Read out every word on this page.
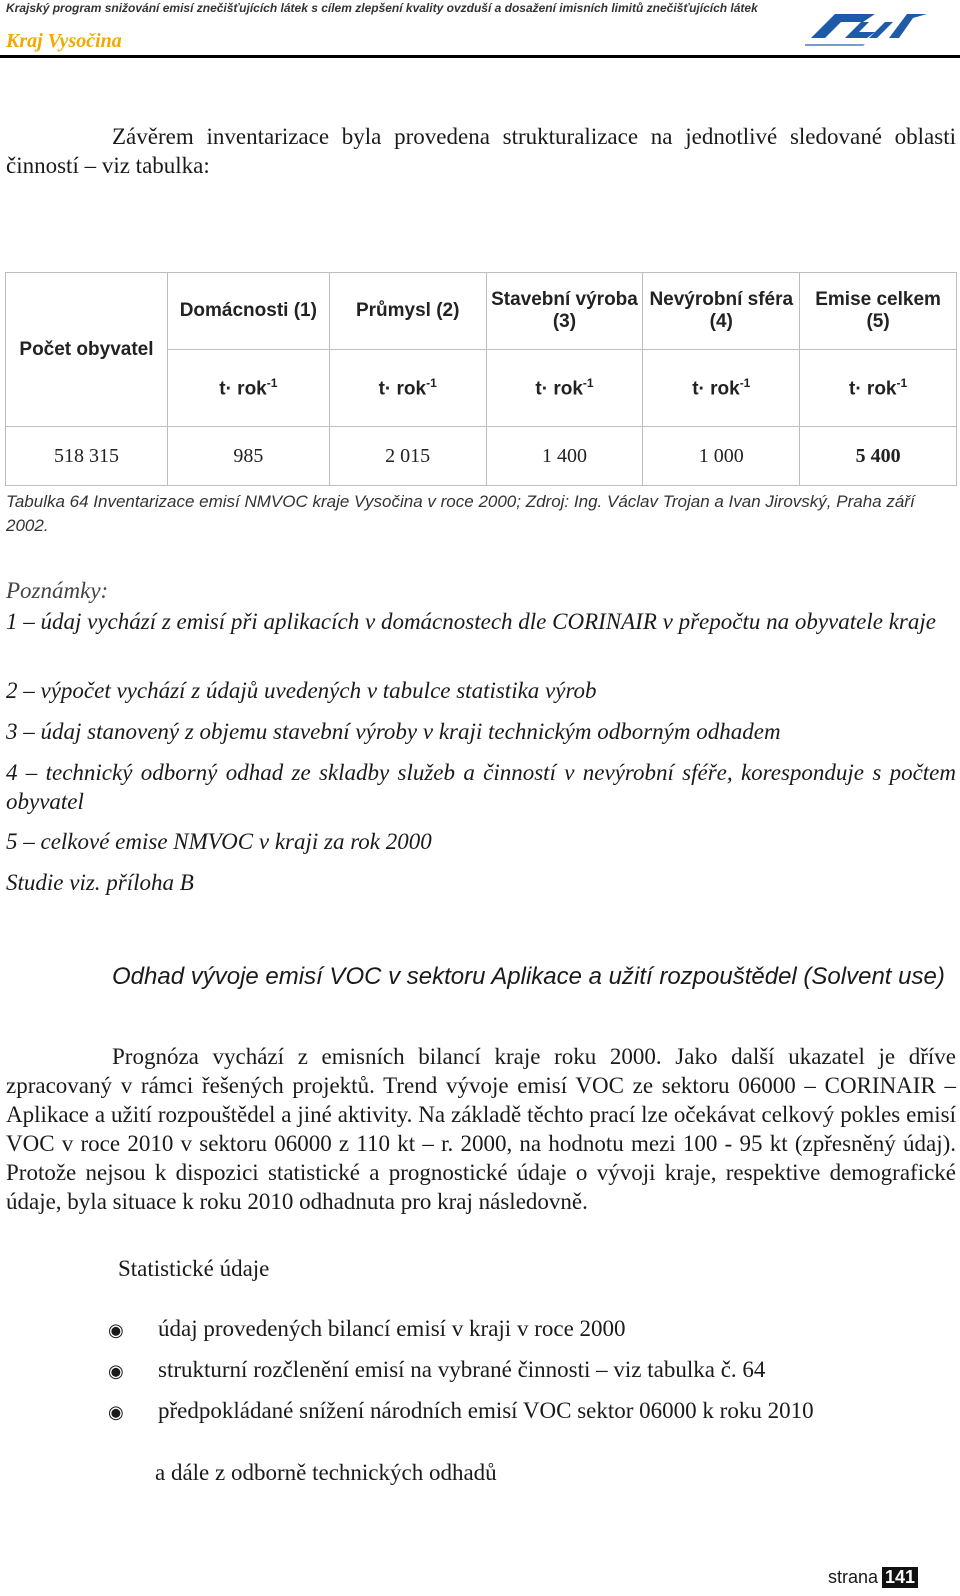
Krajský program snižování emisí znečišťujících látek s cílem zlepšení kvality ovzduší a dosažení imisních limitů znečišťujících látek
Kraj Vysočina
Závěrem inventarizace byla provedena strukturalizace na jednotlivé sledované oblasti činností – viz tabulka:
Počet obyvatel	Domácnosti (1)	Průmysl (2)	Stavební výroba (3)	Nevýrobní sféra (4)	Emise celkem (5)
	t· rok$^{-1}$	t· rok$^{-1}$	t· rok$^{-1}$	t· rok$^{-1}$	t· rok$^{-1}$
518 315	985	2 015	1 400	1 000	5 400
Tabulka 64 Inventarizace emisí NMVOC kraje Vysočina v roce 2000; Zdroj: Ing. Václav Trojan a Ivan Jirovský, Praha září 2002.
Poznámky:
1 – údaj vychází z emisí při aplikacích v domácnostech dle CORINAIR v přepočtu na obyvatele kraje
2 – výpočet vychází z údajů uvedených v tabulce statistika výrob
3 – údaj stanovený z objemu stavební výroby v kraji technickým odborným odhadem
4 – technický odborný odhad ze skladby služeb a činností v nevýrobní sféře, koresponduje s počtem obyvatel
5 – celkové emise NMVOC v kraji za rok 2000
Studie viz. příloha B
Odhad vývoje emisí VOC v sektoru Aplikace a užití rozpouštědel (Solvent use)
Prognóza vychází z emisních bilancí kraje roku 2000. Jako další ukazatel je dříve zpracovaný v rámci řešených projektů. Trend vývoje emisí VOC ze sektoru 06000 – CORINAIR – Aplikace a užití rozpouštědel a jiné aktivity. Na základě těchto prací lze očekávat celkový pokles emisí VOC v roce 2010 v sektoru 06000 z 110 kt – r. 2000, na hodnotu mezi 100 - 95 kt (zpřesněný údaj). Protože nejsou k dispozici statistické a prognostické údaje o vývoji kraje, respektive demografické údaje, byla situace k roku 2010 odhadnuta pro kraj následovně.
Statistické údaje
◉ údaj provedených bilancí emisí v kraji v roce 2000
◉ strukturní rozčlenění emisí na vybrané činnosti – viz tabulka č. 64
◉ předpokládané snížení národních emisí VOC sektor 06000 k roku 2010
a dále z odborně technických odhadů
strana 141
